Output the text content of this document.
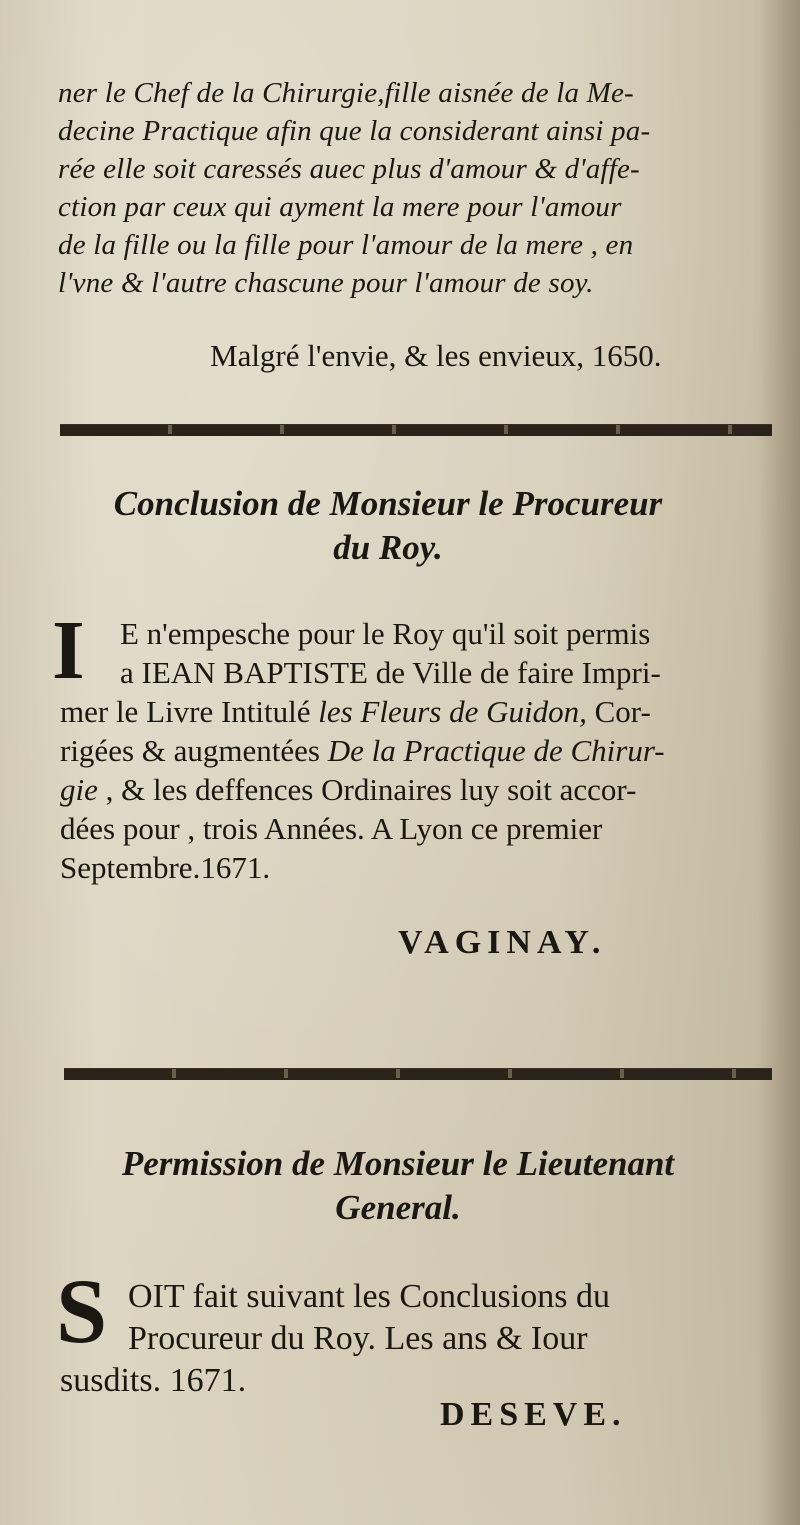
ner le Chef de la Chirurgie,fille aisnée de la Me-
decine Practique afin que la considerant ainsi pa-
rée elle soit caressés auec plus d'amour & d'affe-
ction par ceux qui ayment la mere pour l'amour
de la fille ou la fille pour l'amour de la mere , en
l'vne & l'autre chascune pour l'amour de soy.
Malgré l'envie, & les envieux, 1650.
Conclusion de Monsieur le Procureur
du Roy.
I	E n'empesche pour le Roy qu'il soit permis
a IEAN BAPTISTE de Ville de faire Impri-
mer le Livre Intitulé les Fleurs de Guidon, Cor-
rigées & augmentées De la Practique de Chirur-
gie , & les deffences Ordinaires luy soit accor-
dées pour , trois Années. A Lyon ce premier
Septembre.1671.
VAGINAY.
Permission de Monsieur le Lieutenant
General.
S OIT fait suivant les Conclusions du
Procureur du Roy. Les ans & Iour
susdits. 1671.
DESEVE.
